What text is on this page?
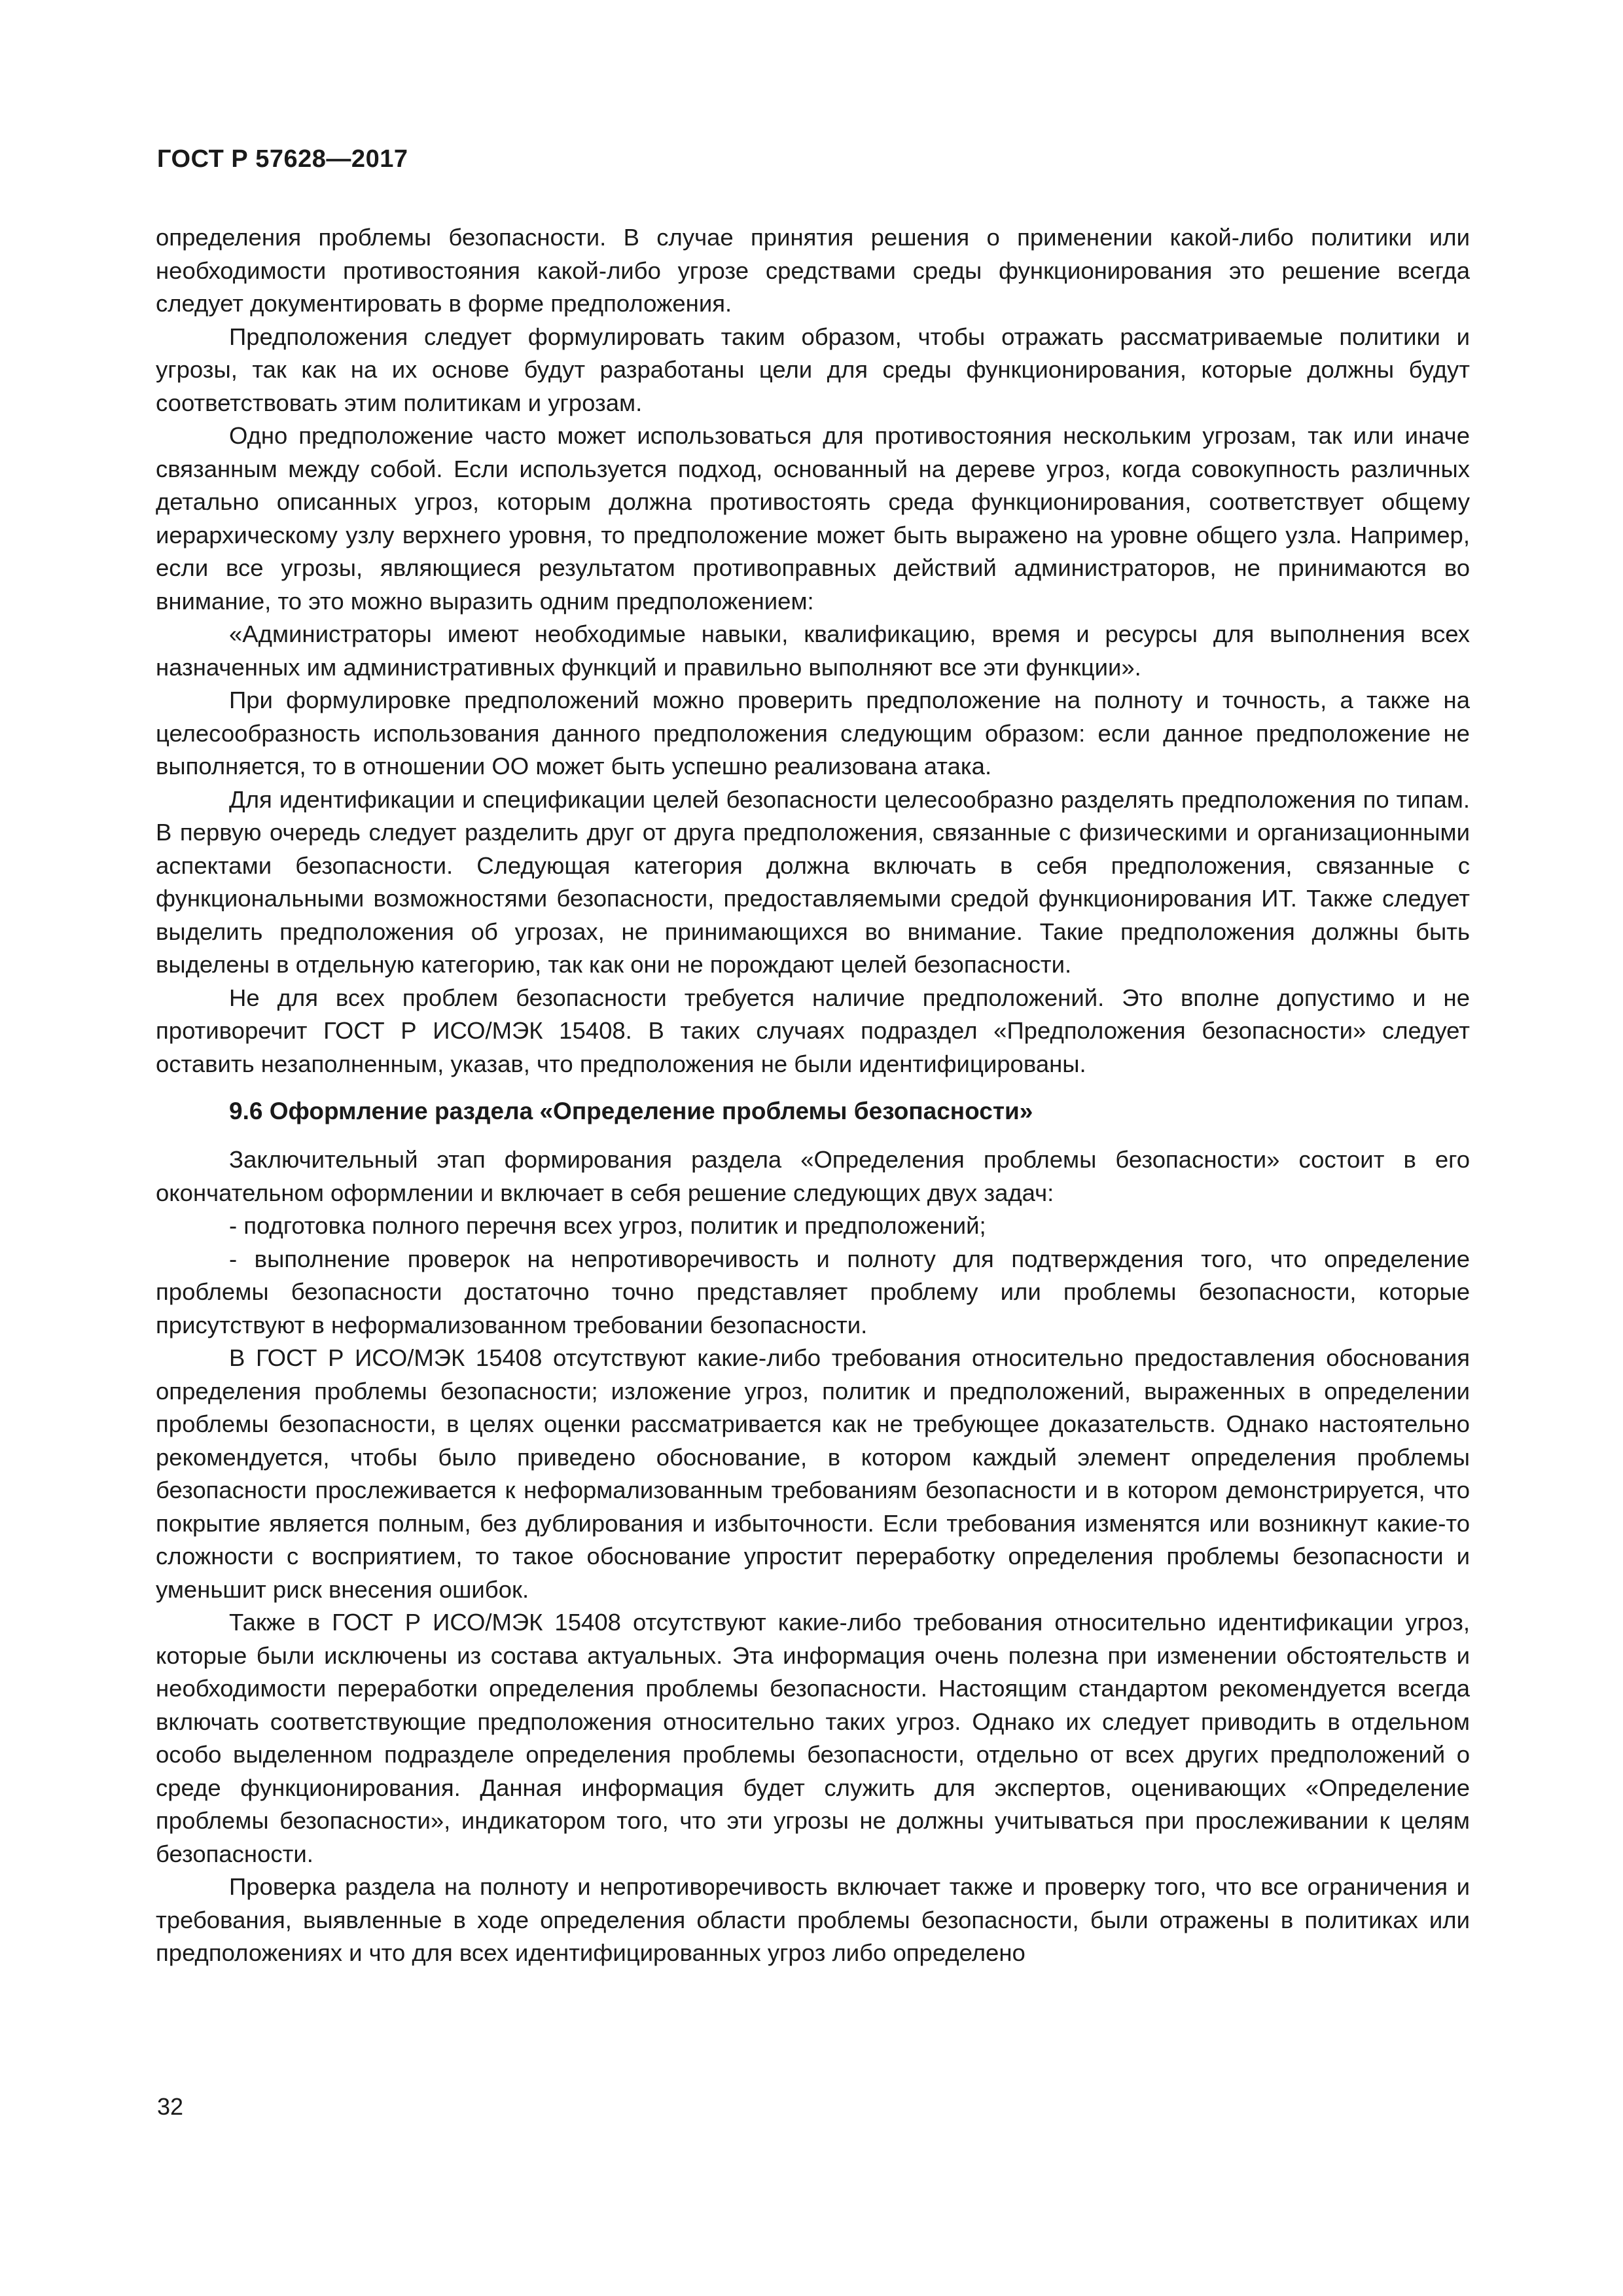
ГОСТ Р 57628—2017

определения проблемы безопасности. В случае принятия решения о применении какой-либо политики или необходимости противостояния какой-либо угрозе средствами среды функционирования это решение всегда следует документировать в форме предположения.

Предположения следует формулировать таким образом, чтобы отражать рассматриваемые политики и угрозы, так как на их основе будут разработаны цели для среды функционирования, которые должны будут соответствовать этим политикам и угрозам.

Одно предположение часто может использоваться для противостояния нескольким угрозам, так или иначе связанным между собой. Если используется подход, основанный на дереве угроз, когда совокупность различных детально описанных угроз, которым должна противостоять среда функционирования, соответствует общему иерархическому узлу верхнего уровня, то предположение может быть выражено на уровне общего узла. Например, если все угрозы, являющиеся результатом противоправных действий администраторов, не принимаются во внимание, то это можно выразить одним предположением:

«Администраторы имеют необходимые навыки, квалификацию, время и ресурсы для выполнения всех назначенных им административных функций и правильно выполняют все эти функции».

При формулировке предположений можно проверить предположение на полноту и точность, а также на целесообразность использования данного предположения следующим образом: если данное предположение не выполняется, то в отношении ОО может быть успешно реализована атака.

Для идентификации и спецификации целей безопасности целесообразно разделять предположения по типам. В первую очередь следует разделить друг от друга предположения, связанные с физическими и организационными аспектами безопасности. Следующая категория должна включать в себя предположения, связанные с функциональными возможностями безопасности, предоставляемыми средой функционирования ИТ. Также следует выделить предположения об угрозах, не принимающихся во внимание. Такие предположения должны быть выделены в отдельную категорию, так как они не порождают целей безопасности.

Не для всех проблем безопасности требуется наличие предположений. Это вполне допустимо и не противоречит ГОСТ Р ИСО/МЭК 15408. В таких случаях подраздел «Предположения безопасности» следует оставить незаполненным, указав, что предположения не были идентифицированы.

9.6 Оформление раздела «Определение проблемы безопасности»

Заключительный этап формирования раздела «Определения проблемы безопасности» состоит в его окончательном оформлении и включает в себя решение следующих двух задач:

- подготовка полного перечня всех угроз, политик и предположений;

- выполнение проверок на непротиворечивость и полноту для подтверждения того, что определение проблемы безопасности достаточно точно представляет проблему или проблемы безопасности, которые присутствуют в неформализованном требовании безопасности.

В ГОСТ Р ИСО/МЭК 15408 отсутствуют какие-либо требования относительно предоставления обоснования определения проблемы безопасности; изложение угроз, политик и предположений, выраженных в определении проблемы безопасности, в целях оценки рассматривается как не требующее доказательств. Однако настоятельно рекомендуется, чтобы было приведено обоснование, в котором каждый элемент определения проблемы безопасности прослеживается к неформализованным требованиям безопасности и в котором демонстрируется, что покрытие является полным, без дублирования и избыточности. Если требования изменятся или возникнут какие-то сложности с восприятием, то такое обоснование упростит переработку определения проблемы безопасности и уменьшит риск внесения ошибок.

Также в ГОСТ Р ИСО/МЭК 15408 отсутствуют какие-либо требования относительно идентификации угроз, которые были исключены из состава актуальных. Эта информация очень полезна при изменении обстоятельств и необходимости переработки определения проблемы безопасности. Настоящим стандартом рекомендуется всегда включать соответствующие предположения относительно таких угроз. Однако их следует приводить в отдельном особо выделенном подразделе определения проблемы безопасности, отдельно от всех других предположений о среде функционирования. Данная информация будет служить для экспертов, оценивающих «Определение проблемы безопасности», индикатором того, что эти угрозы не должны учитываться при прослеживании к целям безопасности.

Проверка раздела на полноту и непротиворечивость включает также и проверку того, что все ограничения и требования, выявленные в ходе определения области проблемы безопасности, были отражены в политиках или предположениях и что для всех идентифицированных угроз либо определено

32
